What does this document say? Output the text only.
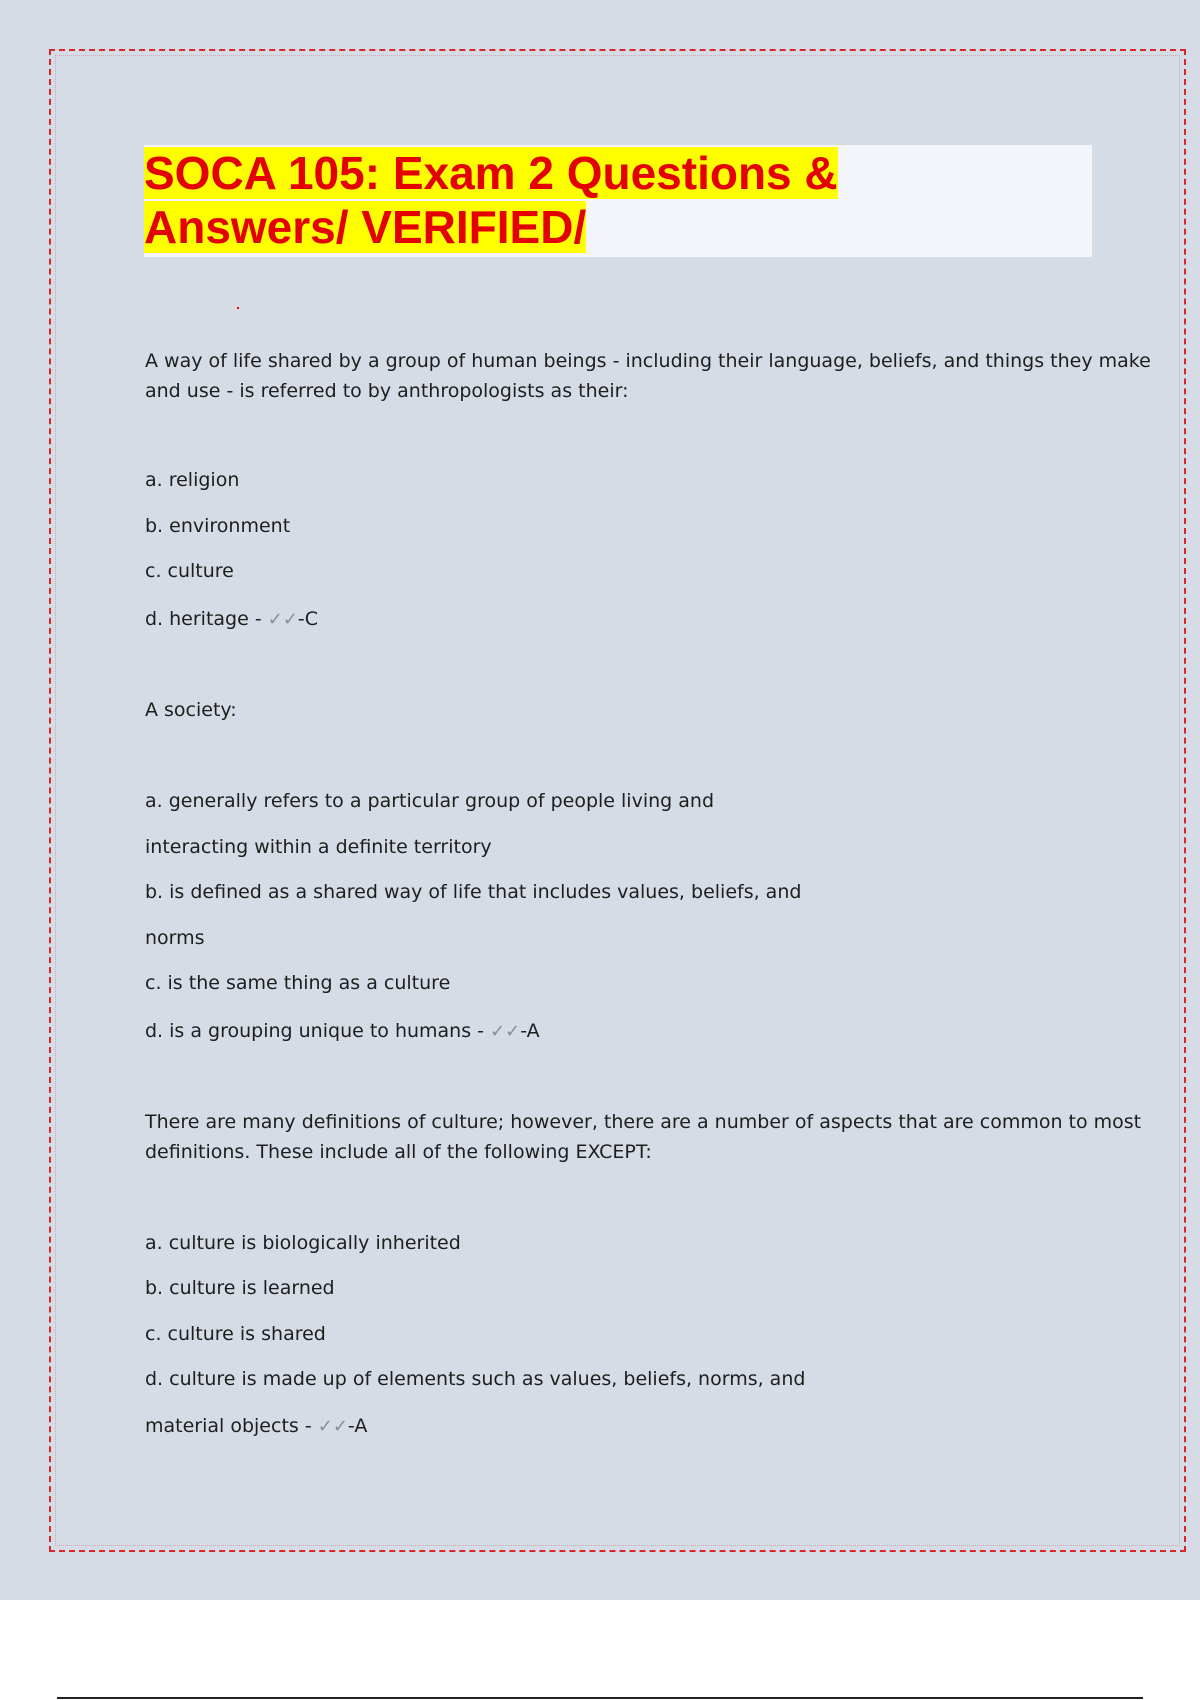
SOCA 105: Exam 2 Questions &
Answers/ VERIFIED/

A way of life shared by a group of human beings - including their language, beliefs, and things they make

and use - is referred to by anthropologists as their:

a. religion

b. environment

c. culture

d. heritage - ✓✓-C

A society:

a. generally refers to a particular group of people living and

interacting within a definite territory

b. is defined as a shared way of life that includes values, beliefs, and

norms

c. is the same thing as a culture

d. is a grouping unique to humans - ✓✓-A

There are many definitions of culture; however, there are a number of aspects that are common to most

definitions. These include all of the following EXCEPT:

a. culture is biologically inherited

b. culture is learned

c. culture is shared

d. culture is made up of elements such as values, beliefs, norms, and

material objects - ✓✓-A
